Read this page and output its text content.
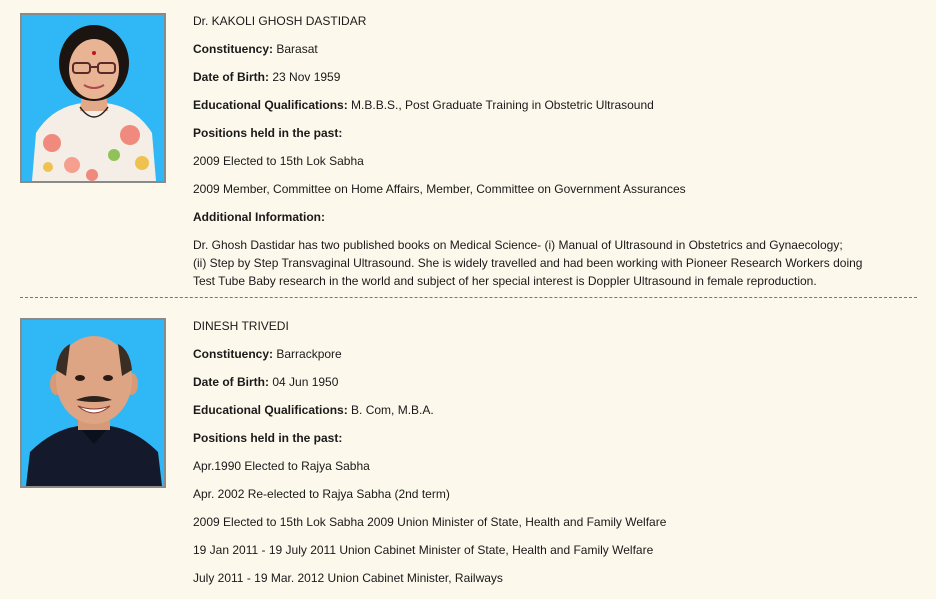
Dr. KAKOLI GHOSH DASTIDAR
Constituency: Barasat
Date of Birth: 23 Nov 1959
Educational Qualifications: M.B.B.S., Post Graduate Training in Obstetric Ultrasound
Positions held in the past:
2009 Elected to 15th Lok Sabha
2009 Member, Committee on Home Affairs, Member, Committee on Government Assurances
Additional Information:
Dr. Ghosh Dastidar has two published books on Medical Science- (i) Manual of Ultrasound in Obstetrics and Gynaecology;
(ii) Step by Step Transvaginal Ultrasound. She is widely travelled and had been working with Pioneer Research Workers doing
Test Tube Baby research in the world and subject of her special interest is Doppler Ultrasound in female reproduction.
DINESH TRIVEDI
Constituency: Barrackpore
Date of Birth: 04 Jun 1950
Educational Qualifications: B. Com, M.B.A.
Positions held in the past:
Apr.1990 Elected to Rajya Sabha
Apr. 2002 Re-elected to Rajya Sabha (2nd term)
2009 Elected to 15th Lok Sabha 2009 Union Minister of State, Health and Family Welfare
19 Jan 2011 - 19 July 2011 Union Cabinet Minister of State, Health and Family Welfare
July 2011 - 19 Mar. 2012 Union Cabinet Minister, Railways
